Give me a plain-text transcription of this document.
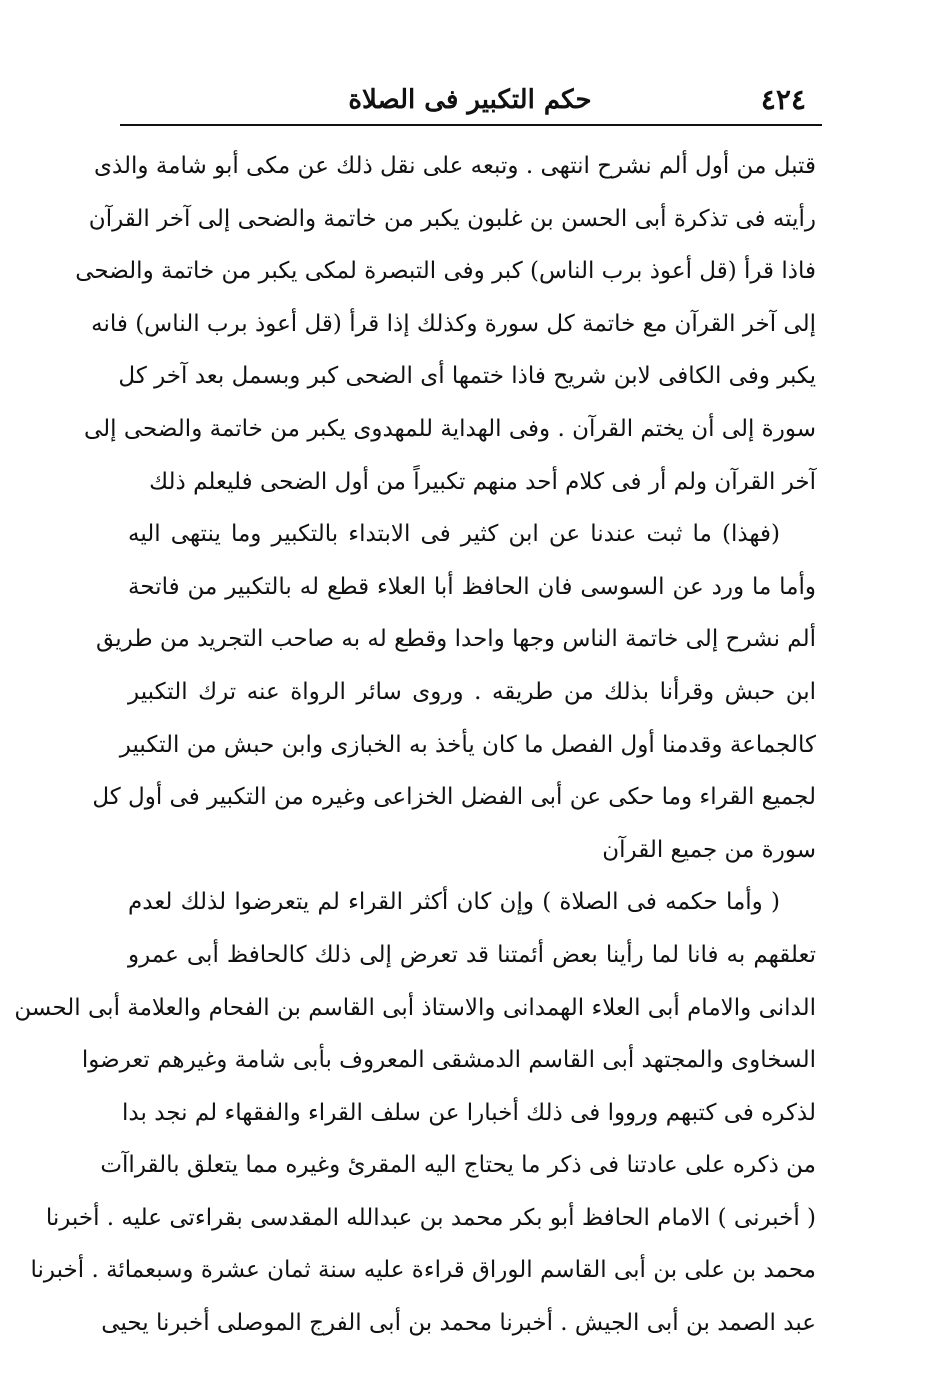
٤٢٤
حكم التكبير فى الصلاة
قتبل من أول ألم نشرح انتهى . وتبعه على نقل ذلك عن مكى أبو شامة والذى
رأيته فى تذكرة أبى الحسن بن غلبون يكبر من خاتمة والضحى إلى آخر القرآن
فاذا قرأ (قل أعوذ برب الناس) كبر وفى التبصرة لمكى يكبر من خاتمة والضحى
إلى آخر القرآن مع خاتمة كل سورة وكذلك إذا قرأ (قل أعوذ برب الناس) فانه
يكبر وفى الكافى لابن شريح فاذا ختمها أى الضحى كبر وبسمل بعد آخر كل
سورة إلى أن يختم القرآن . وفى الهداية للمهدوى يكبر من خاتمة والضحى إلى
آخر القرآن ولم أر فى كلام أحد منهم تكبيراً من أول الضحى فليعلم ذلك
(فهذا) ما ثبت عندنا عن ابن كثير فى الابتداء بالتكبير وما ينتهى اليه
وأما ما ورد عن السوسى فان الحافظ أبا العلاء قطع له بالتكبير من فاتحة
ألم نشرح إلى خاتمة الناس وجها واحدا وقطع له به صاحب التجريد من طريق
ابن حبش وقرأنا بذلك من طريقه . وروى سائر الرواة عنه ترك التكبير
كالجماعة وقدمنا أول الفصل ما كان يأخذ به الخبازى وابن حبش من التكبير
لجميع القراء وما حكى عن أبى الفضل الخزاعى وغيره من التكبير فى أول كل
سورة من جميع القرآن
( وأما حكمه فى الصلاة ) وإن كان أكثر القراء لم يتعرضوا لذلك لعدم
تعلقهم به فانا لما رأينا بعض أئمتنا قد تعرض إلى ذلك كالحافظ أبى عمرو
الدانى والامام أبى العلاء الهمدانى والاستاذ أبى القاسم بن الفحام والعلامة أبى الحسن
السخاوى والمجتهد أبى القاسم الدمشقى المعروف بأبى شامة وغيرهم تعرضوا
لذكره فى كتبهم ورووا فى ذلك أخبارا عن سلف القراء والفقهاء لم نجد بدا
من ذكره على عادتنا فى ذكر ما يحتاج اليه المقرئ وغيره مما يتعلق بالقراآت
( أخبرنى ) الامام الحافظ أبو بكر محمد بن عبدالله المقدسى بقراءتى عليه . أخبرنا
محمد بن على بن أبى القاسم الوراق قراءة عليه سنة ثمان عشرة وسبعمائة . أخبرنا
عبد الصمد بن أبى الجيش . أخبرنا محمد بن أبى الفرج الموصلى أخبرنا يحيى
